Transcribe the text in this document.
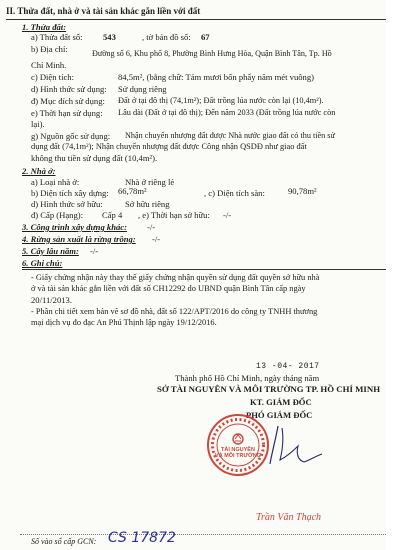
II. Thửa đất, nhà ở và tài sản khác gắn liền với đất
1. Thửa đất:
a) Thửa đất số: 543	, tờ bản đồ số: 67
b) Địa chỉ:	Đường số 6, Khu phố 8, Phường Bình Hưng Hòa, Quận Bình Tân, Tp. Hồ
Chí Minh.
c) Diện tích:	84,5m², (bằng chữ: Tám mươi bốn phẩy năm mét vuông)
d) Hình thức sử dụng: Sử dụng riêng
đ) Mục đích sử dụng: Đất ở tại đô thị (74,1m²); Đất trồng lúa nước còn lại (10,4m²).
e) Thời hạn sử dụng: Lâu dài (Đất ở tại đô thị); Đến năm 2033 (Đất trồng lúa nước còn
lại).
g) Nguồn gốc sử dụng: Nhận chuyển nhượng đất được Nhà nước giao đất có thu tiền sử
dụng đất (74,1m²); Nhận chuyển nhượng đất được Công nhận QSDĐ như giao đất
không thu tiền sử dụng đất (10,4m²).
2. Nhà ở:
a) Loại nhà ở:	Nhà ở riêng lẻ
b) Diện tích xây dựng: 66,78m²	, c) Diện tích sàn:	90,78m²
d) Hình thức sở hữu:	Sở hữu riêng
đ) Cấp (Hạng): Cấp 4 , e) Thời hạn sở hữu: -/-
3. Công trình xây dựng khác: -/-
4. Rừng sản xuất là rừng trồng: -/-
5. Cây lâu năm: -/-
6. Ghi chú:
- Giấy chứng nhận này thay thế giấy chứng nhận quyền sử dụng đất quyền sở hữu nhà
ở và tài sản khác gắn liền với đất số CH12292 do UBND quận Bình Tân cấp ngày
20/11/2013.
- Phần chi tiết xem bản vẽ sơ đồ nhà, đất số 122/APT/2016 do công ty TNHH thương
mại dịch vụ đo đạc An Phú Thịnh lập ngày 19/12/2016.
13 -04- 2017
Thành phố Hồ Chí Minh, ngày tháng năm
SỞ TÀI NGUYÊN VÀ MÔI TRƯỜNG TP. HỒ CHÍ MINH
KT. GIÁM ĐỐC
PHÓ GIÁM ĐỐC
TÀI NGUYÊN
VÀ MÔI TRƯỜNG
Trần Văn Thạch
Số vào sổ cấp GCN: CS 17872
